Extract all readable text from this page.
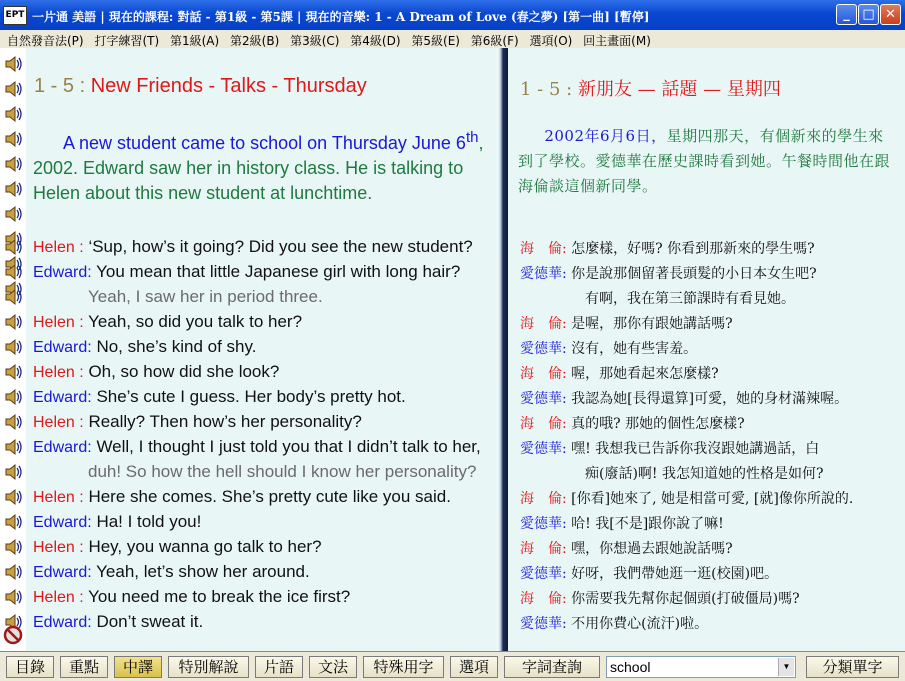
EPT 一片通 美語 | 現在的課程: 對話 - 第1級 - 第5課 | 現在的音樂: 1 - A Dream of Love (春之夢) [第一曲] [暫停]	_ □ ✕
自然發音法(P) 打字練習(T) 第1級(A) 第2級(B) 第3級(C) 第4級(D) 第5級(E) 第6級(F) 選項(O) 回主畫面(M)
1 - 5 : New Friends - Talks - Thursday
A new student came to school on Thursday June 6th, 2002. Edward saw her in history class. He is talking to Helen about this new student at lunchtime.
Helen : ‘Sup, how’s it going? Did you see the new student?
Edward: You mean that little Japanese girl with long hair?
Yeah, I saw her in period three.
Helen : Yeah, so did you talk to her?
Edward: No, she’s kind of shy.
Helen : Oh, so how did she look?
Edward: She’s cute I guess. Her body’s pretty hot.
Helen : Really? Then how’s her personality?
Edward: Well, I thought I just told you that I didn’t talk to her,
duh! So how the hell should I know her personality?
Helen : Here she comes. She’s pretty cute like you said.
Edward: Ha! I told you!
Helen : Hey, you wanna go talk to her?
Edward: Yeah, let’s show her around.
Helen : You need me to break the ice first?
Edward: Don’t sweat it.
1 - 5 : 新朋友 — 話題 — 星期四
2002年6月6日，星期四那天，有個新來的學生來到了學校。愛德華在歷史課時看到她。午餐時間他在跟海倫談這個新同學。
海　倫: 怎麼樣，好嗎? 你看到那新來的學生嗎?
愛德華: 你是說那個留著長頭髮的小日本女生吧?
有啊，我在第三節課時有看見她。
海　倫: 是喔，那你有跟她講話嗎?
愛德華: 沒有，她有些害羞。
海　倫: 喔，那她看起來怎麼樣?
愛德華: 我認為她[長得還算]可愛，她的身材滿辣喔。
海　倫: 真的哦? 那她的個性怎麼樣?
愛德華: 嘿! 我想我已告訴你我沒跟她講過話，白
痴(廢話)啊! 我怎知道她的性格是如何?
海　倫: [你看]她來了, 她是相當可愛, [就]像你所說的.
愛德華: 哈! 我[不是]跟你說了嘛!
海　倫: 嘿，你想過去跟她說話嗎?
愛德華: 好呀，我們帶她逛一逛(校園)吧。
海　倫: 你需要我先幫你起個頭(打破僵局)嗎?
愛德華: 不用你費心(流汗)啦。
目錄	重點	中譯	特別解說	片語	文法	特殊用字	選項	字詞查詢	school	▼	分類單字
